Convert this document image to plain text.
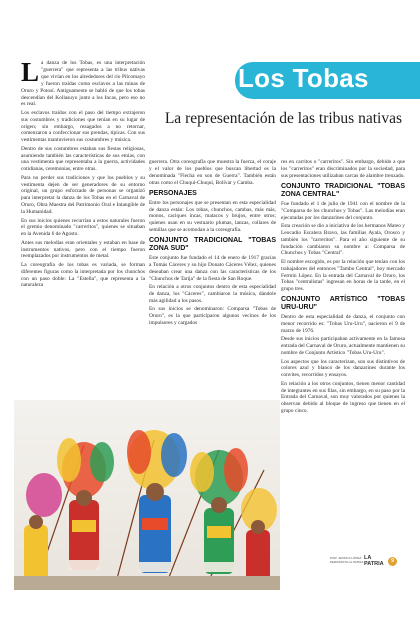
La danza de los Tobas, es una interpretación "guerrera" que representa a las tribus nativas que vivían en los alrededores del río Pilcomayo y fueron traídas como esclavos a las minas de Oruro y Potosí. Antiguamente se habló de que los tobas descendían del Kollasuyo junto a los Incas, pero eso no es real.

Los esclavos traídos con el paso del tiempo extrajeron sus costumbres y tradiciones que tenían en su lugar de origen; sin embargo, rezagados a no retornar, comenzaron a confeccionar sus prendas, típicas. Con sus vestimentas mantuvieron sus costumbres y música.

Dentro de sus costumbres estaban sus fiestas religiosas, asumiendo también las características de sus etnias, con una vestimenta que representaba a la guerra, actividades cotidianas, ceremonias, entre otras.

Para no perder sus tradiciones y que los pueblos y su vestimenta dejen de ser generadores de su entorno original, un grupo esforzado de personas se organizó para interpretar la danza de los Tobas en el Carnaval de Oruro, Obra Maestra del Patrimonio Oral e Intangible de la Humanidad.

En sus inicios quienes recurrían a estos naturales fueron el gremio denominado "carreritos", quienes se situaban en la Avenida 6 de Agosto.

Antes sus melodías eran orientales y estaban en base de instrumentos nativos, pero con el tiempo fueron reemplazados por instrumentos de metal.

La coreografía de los tobas es variada, se forman diferentes figuras como la interpretada por los chunchos con un paso doble: La "Estella", que representa a la naturaleza

Los Tobas
La representación de las tribus nativas

guerrera. Otra coreografía que muestra la fuerza, el coraje y el valor de los pueblos que buscan libertad es la denominada "Flecha en son de Guerra". También están otras como el Chuqui-Chuqui, Bolívar y Camba.

PERSONAJES

Entre los personajes que se presentan en esta especialidad de danza están: Los tobas, chunchos, cambas, más más, monos, caciques incas, matacos y brujos, entre otros; quienes usan en su vestuario plumas, lanzas, collares de semillas que se acomodan a la coreografía.

CONJUNTO TRADICIONAL "TOBAS ZONA SUD"

Este conjunto fue fundado el 14 de enero de 1917 gracias a Tomás Cáceres y su hijo Donato Cáceres Vélez, quienes deseaban crear una danza con las características de los "Chunchos de Tarija" de la fiesta de San Roque.

En relación a otros conjuntos dentro de esta especialidad de danza, los "Cáceres", cambiaron la música, dándole más agilidad a los pasos.

En sus inicios se denominaron: Comparsa "Tobas de Oruro", es la que participaron algunos vecinos de los impulsores y cargados

res en carritos o "carreritos". Sin embargo, debido a que los "carreritos" eran discriminados por la sociedad, para sus presentaciones utilizaban carcas de alambre trenzado.

CONJUNTO TRADICIONAL "TOBAS ZONA CENTRAL"

Fue fundado el 1 de julio de 1941 con el nombre de la "Comparsa de los chunchos y Tobas". Las melodías eran ejecutadas por los danzarines del conjunto.

Esta creación se dio a iniciativa de los hermanos Mateo y Leocadio Escalera Bravo, las familias Ayala, Orosco y también los "carreritos". Para el año siguiente de su fundación cambiaron su nombre a: Comparsa de Chunchos y Tobas "Central".

El nombre escogido, es por la relación que tenían con los trabajadores del entonces "Tambo Central", hoy mercado Fermín López. En la entrada del Carnaval de Oruro, los Tobas "centralistas" ingresan en horas de la tarde, en el grupo tres.

CONJUNTO ARTÍSTICO "TOBAS URU-URU"

Dentro de esta especialidad de danza, el conjunto con menor recorrido es: "Tobas Uru-Uru", nacieron el 9 de marzo de 1976.

Desde sus inicios participaban activamente en la famosa entrada del Carnaval de Oruro, actualmente mantienen su nombre de Conjunto Artístico "Tobas Uru-Uru".

Los aspectos que los caracterizan, son sus distintivos de colores azul y blanco de los danzarines durante los convites, recorridos y ensayos.

En relación a los otros conjuntos, tienen menor cantidad de integrantes en sus filas, sin embargo, en su paso por la Entrada del Carnaval, son muy valorados por quienes la observan debido al bloque de ingreso que tienen en el grupo cinco.

POR: JESSICA LÓPEZ
PERIODISTA LA PATRIA
LA
PATRIA	9
